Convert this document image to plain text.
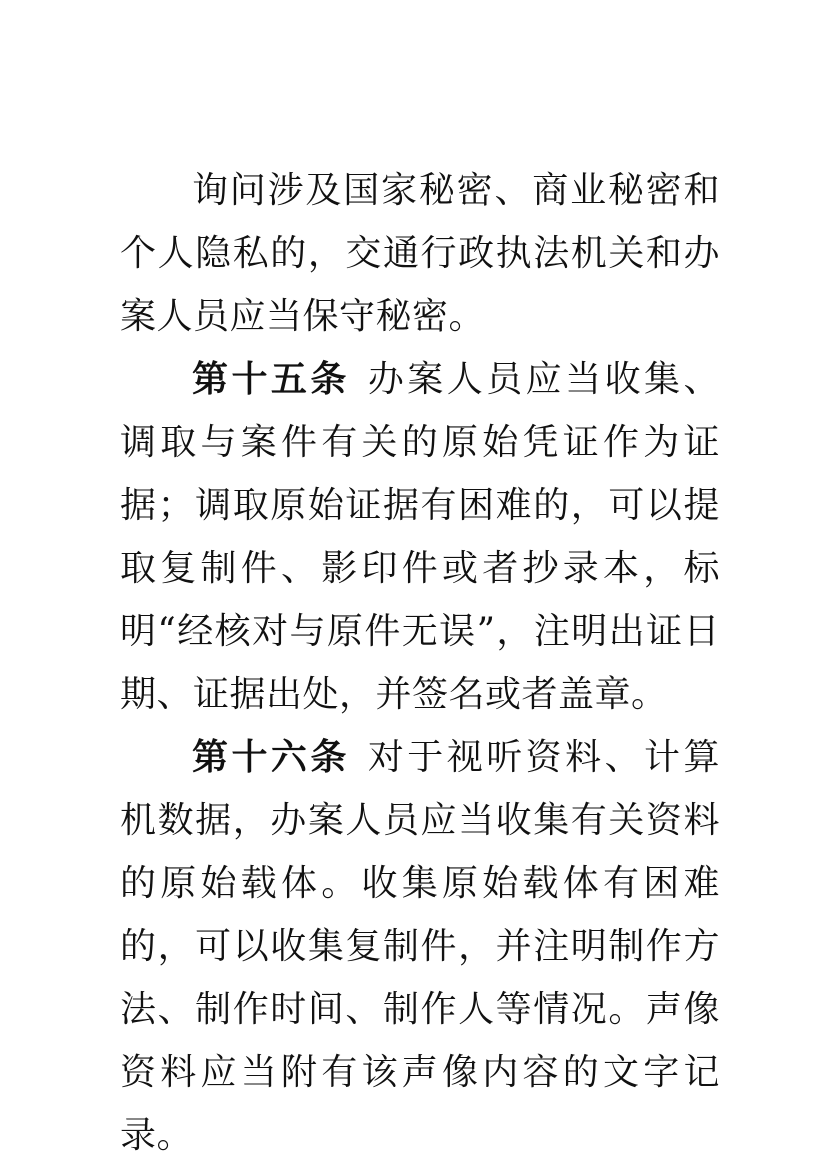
询问涉及国家秘密、商业秘密和个人隐私的，交通行政执法机关和办案人员应当保守秘密。

第十五条 办案人员应当收集、调取与案件有关的原始凭证作为证据；调取原始证据有困难的，可以提取复制件、影印件或者抄录本，标明“经核对与原件无误”，注明出证日期、证据出处，并签名或者盖章。

第十六条 对于视听资料、计算机数据，办案人员应当收集有关资料的原始载体。收集原始载体有困难的，可以收集复制件，并注明制作方法、制作时间、制作人等情况。声像资料应当附有该声像内容的文字记录。
